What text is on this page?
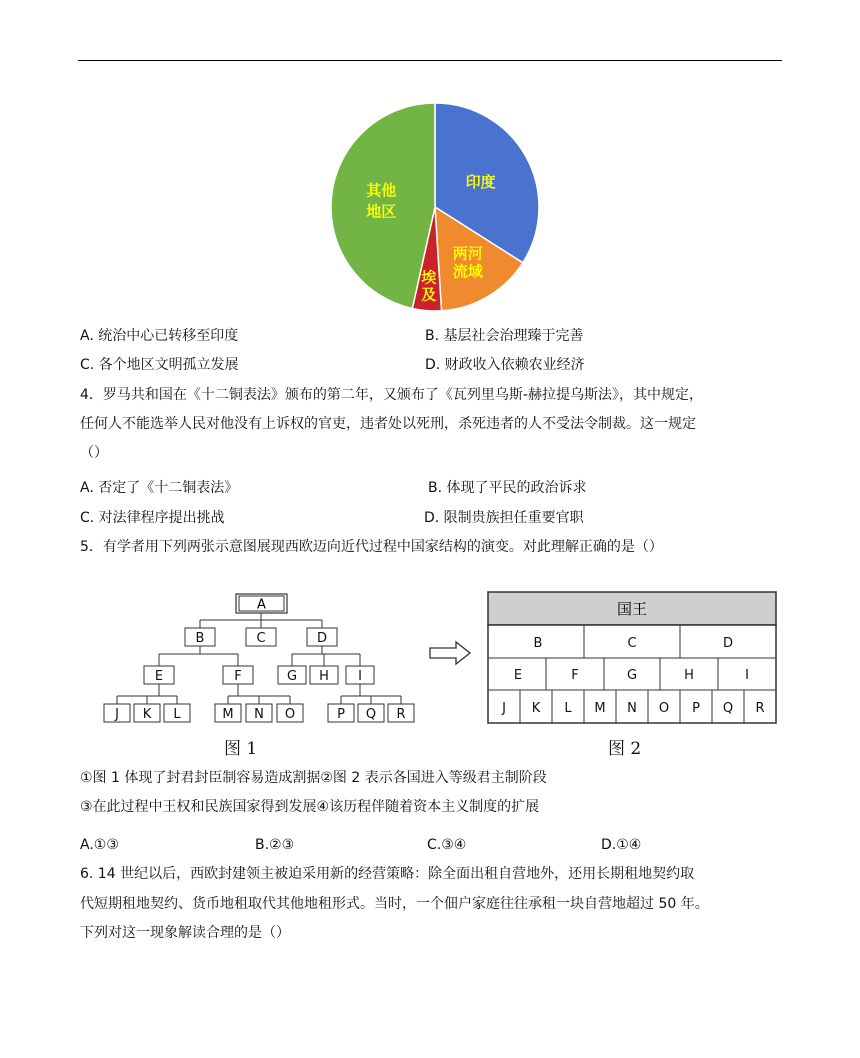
印度
两河流域
埃及
其他地区
A. 统治中心已转移至印度	B. 基层社会治理臻于完善
C. 各个地区文明孤立发展	D. 财政收入依赖农业经济
4．罗马共和国在《十二铜表法》颁布的第二年，又颁布了《瓦列里乌斯-赫拉提乌斯法》，其中规定，
任何人不能选举人民对他没有上诉权的官吏，违者处以死刑，杀死违者的人不受法令制裁。这一规定
（）
A. 否定了《十二铜表法》	B. 体现了平民的政治诉求
C. 对法律程序提出挑战	D. 限制贵族担任重要官职
5．有学者用下列两张示意图展现西欧迈向近代过程中国家结构的演变。对此理解正确的是（）
A
B	C	D
E	F	G H I
J K L	M N O	P Q R
图 1
国王
B	C	D
E	F	G	H	I
J K L M N O P Q R
图 2
①图 1 体现了封君封臣制容易造成割据②图 2 表示各国进入等级君主制阶段
③在此过程中王权和民族国家得到发展④该历程伴随着资本主义制度的扩展
A.①③	B.②③	C.③④	D.①④
6. 14 世纪以后，西欧封建领主被迫采用新的经营策略：除全面出租自营地外，还用长期租地契约取
代短期租地契约、货币地租取代其他地租形式。当时，一个佃户家庭往往承租一块自营地超过 50 年。
下列对这一现象解读合理的是（）
